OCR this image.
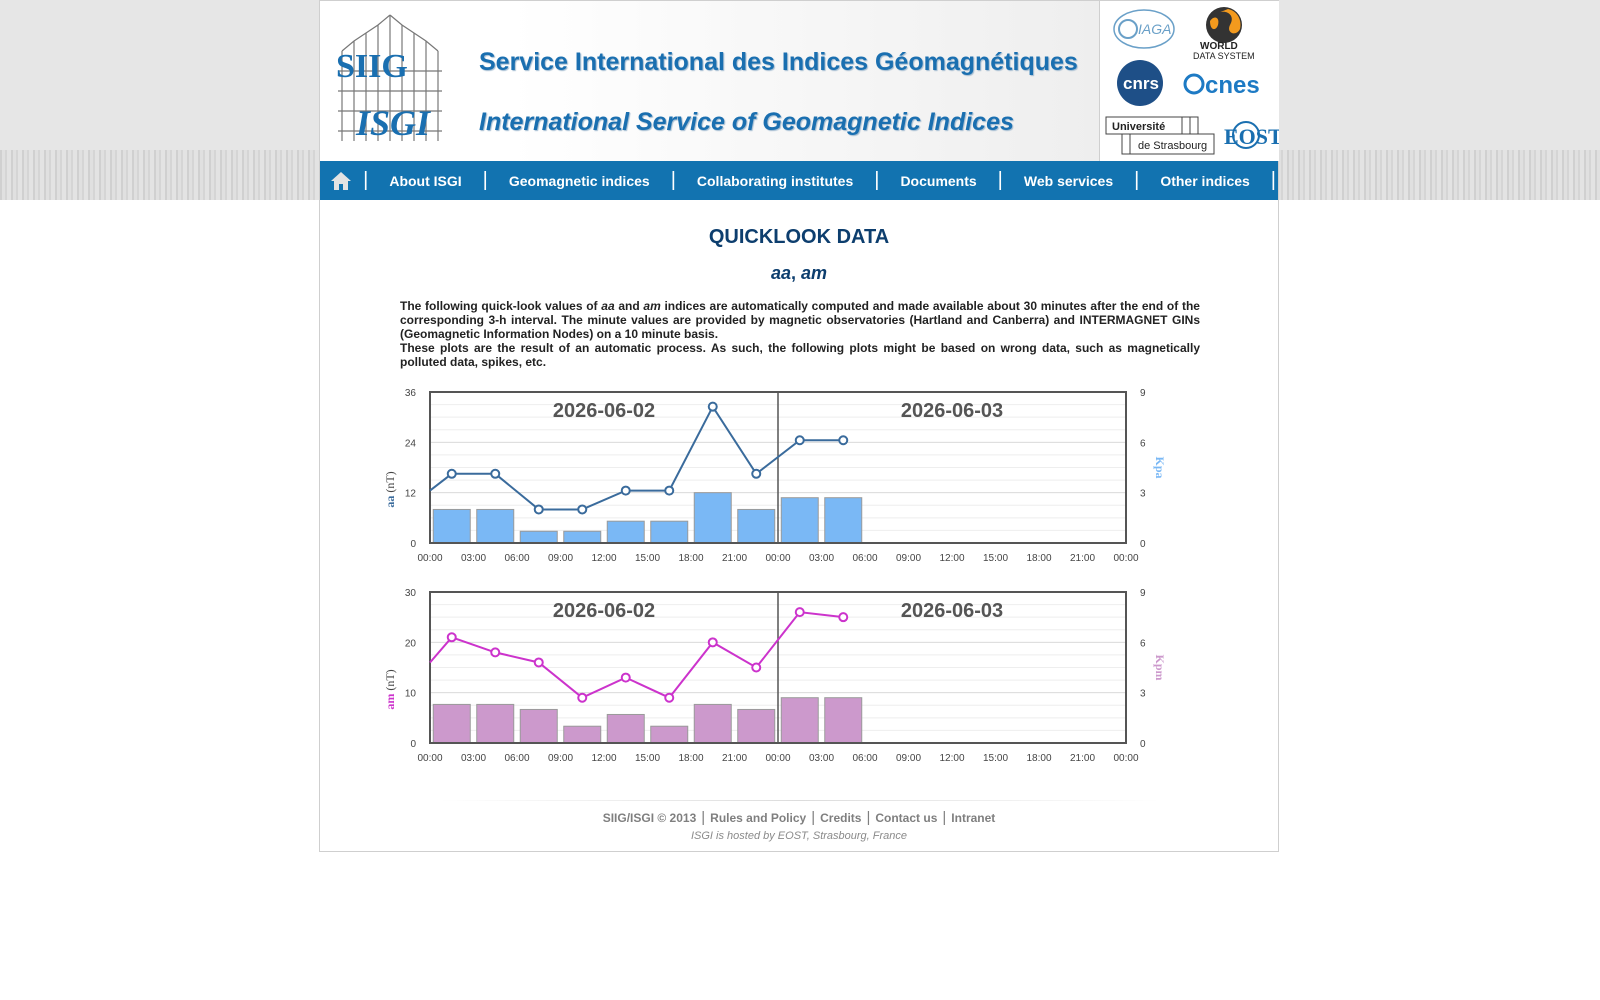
SIIG
ISGI
Service International des Indices Géomagnétiques
International Service of Geomagnetic Indices
IAGA
WORLD
DATA SYSTEM
cnrs cnes
Université
de Strasbourg EOST
|	About ISGI	|	Geomagnetic indices	|	Collaborating institutes	|	Documents	|	Web services	|	Other indices	|
QUICKLOOK DATA
aa, am

The following quick-look values of aa and am indices are automatically computed and made available about 30 minutes after the end of the corresponding 3-h interval. The minute values are provided by magnetic observatories (Hartland and Canberra) and INTERMAGNET GINs (Geomagnetic Information Nodes) on a 10 minute basis.

These plots are the result of an automatic process. As such, the following plots might be based on wrong data, such as magnetically polluted data, spikes, etc.

2026-06-02	2026-06-03
0
12
24
36
0
3
6
9
00:00 03:00 06:00 09:00 12:00 15:00 18:00 21:00 00:00 03:00 06:00 09:00 12:00 15:00 18:00 21:00 00:00
aa (nT)
Kpa
2026-06-02	2026-06-03
0
10
20
30
0
3
6
9
00:00 03:00 06:00 09:00 12:00 15:00 18:00 21:00 00:00 03:00 06:00 09:00 12:00 15:00 18:00 21:00 00:00
am (nT)
Kpm
SIIG/ISGI © 2013 | Rules and Policy | Credits | Contact us | Intranet
ISGI is hosted by EOST, Strasbourg, France
